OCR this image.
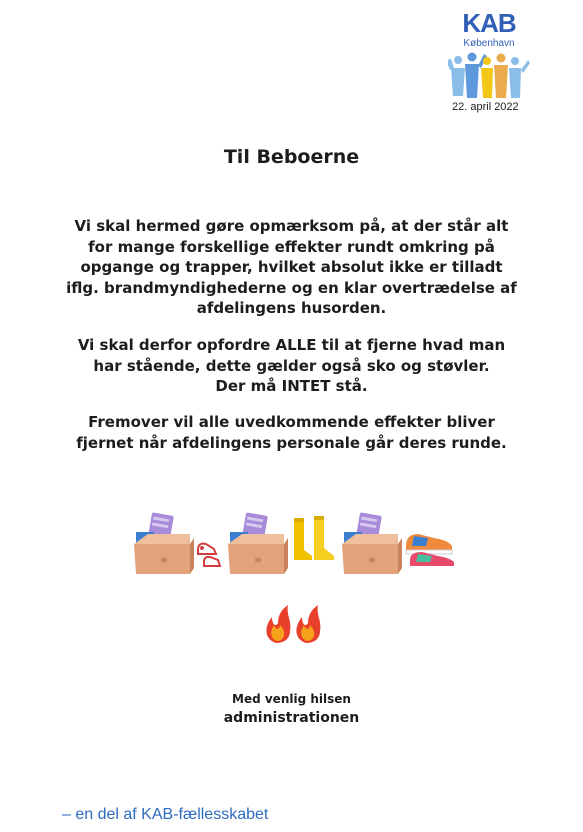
KAB
København
22. april 2022
Til Beboerne
Vi skal hermed gøre opmærksom på, at der står alt
for mange forskellige effekter rundt omkring på
opgange og trapper, hvilket absolut ikke er tilladt
iflg. brandmyndighederne og en klar overtrædelse af
afdelingens husorden.
Vi skal derfor opfordre ALLE til at fjerne hvad man
har stående, dette gælder også sko og støvler.
Der må INTET stå.
Fremover vil alle uvedkommende effekter bliver
fjernet når afdelingens personale går deres runde.
Med venlig hilsen
administrationen
– en del af KAB-fællesskabet
